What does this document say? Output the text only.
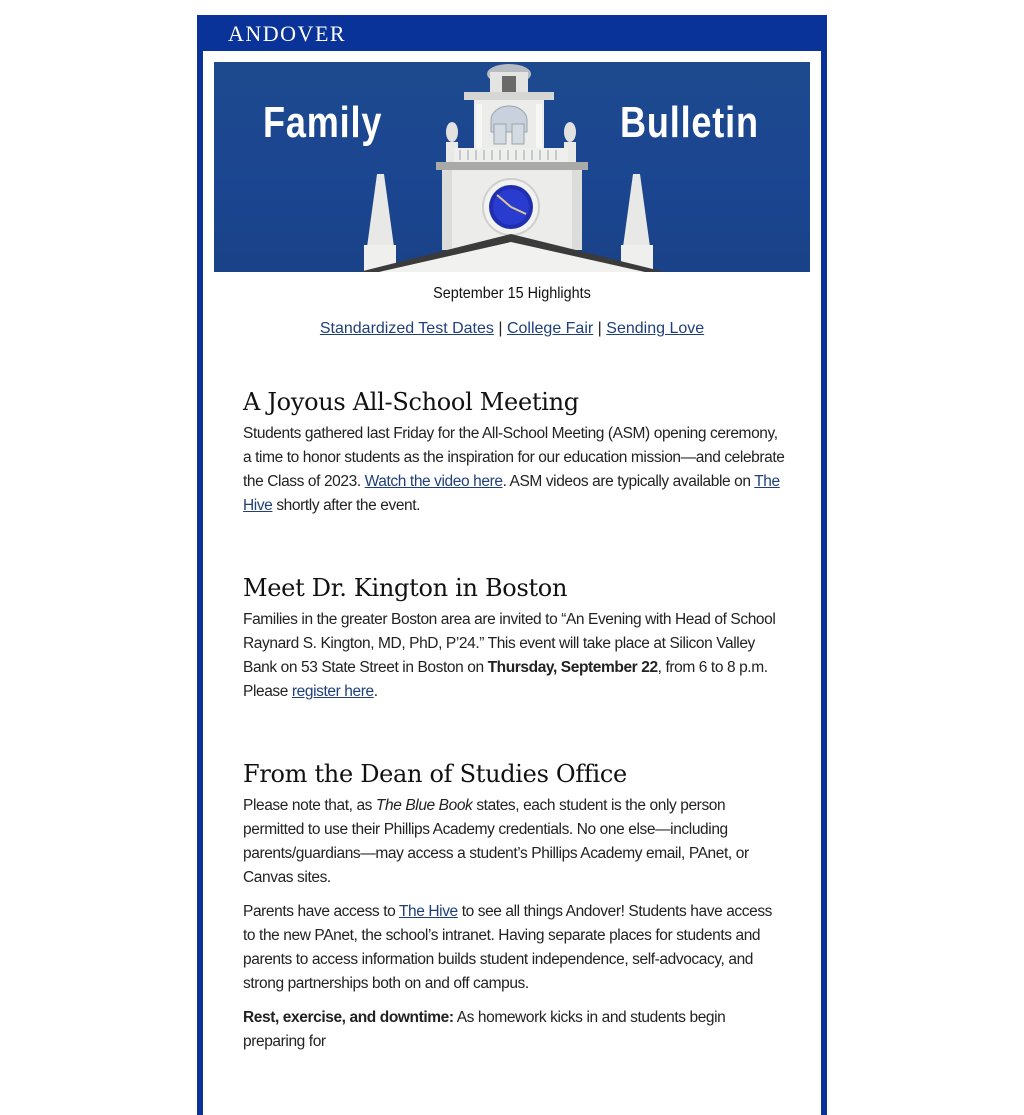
ANDOVER
Family	Bulletin
September 15 Highlights
Standardized Test Dates | College Fair | Sending Love
A Joyous All-School Meeting

Students gathered last Friday for the All-School Meeting (ASM) opening ceremony, a time to honor students as the inspiration for our education mission—and celebrate the Class of 2023. Watch the video here. ASM videos are typically available on The Hive shortly after the event.

Meet Dr. Kington in Boston

Families in the greater Boston area are invited to “An Evening with Head of School Raynard S. Kington, MD, PhD, P’24.” This event will take place at Silicon Valley Bank on 53 State Street in Boston on Thursday, September 22, from 6 to 8 p.m. Please register here.

From the Dean of Studies Office

Please note that, as The Blue Book states, each student is the only person permitted to use their Phillips Academy credentials. No one else—including parents/guardians—may access a student’s Phillips Academy email, PAnet, or Canvas sites.

Parents have access to The Hive to see all things Andover! Students have access to the new PAnet, the school’s intranet. Having separate places for students and parents to access information builds student independence, self-advocacy, and strong partnerships both on and off campus.

Rest, exercise, and downtime: As homework kicks in and students begin preparing for
